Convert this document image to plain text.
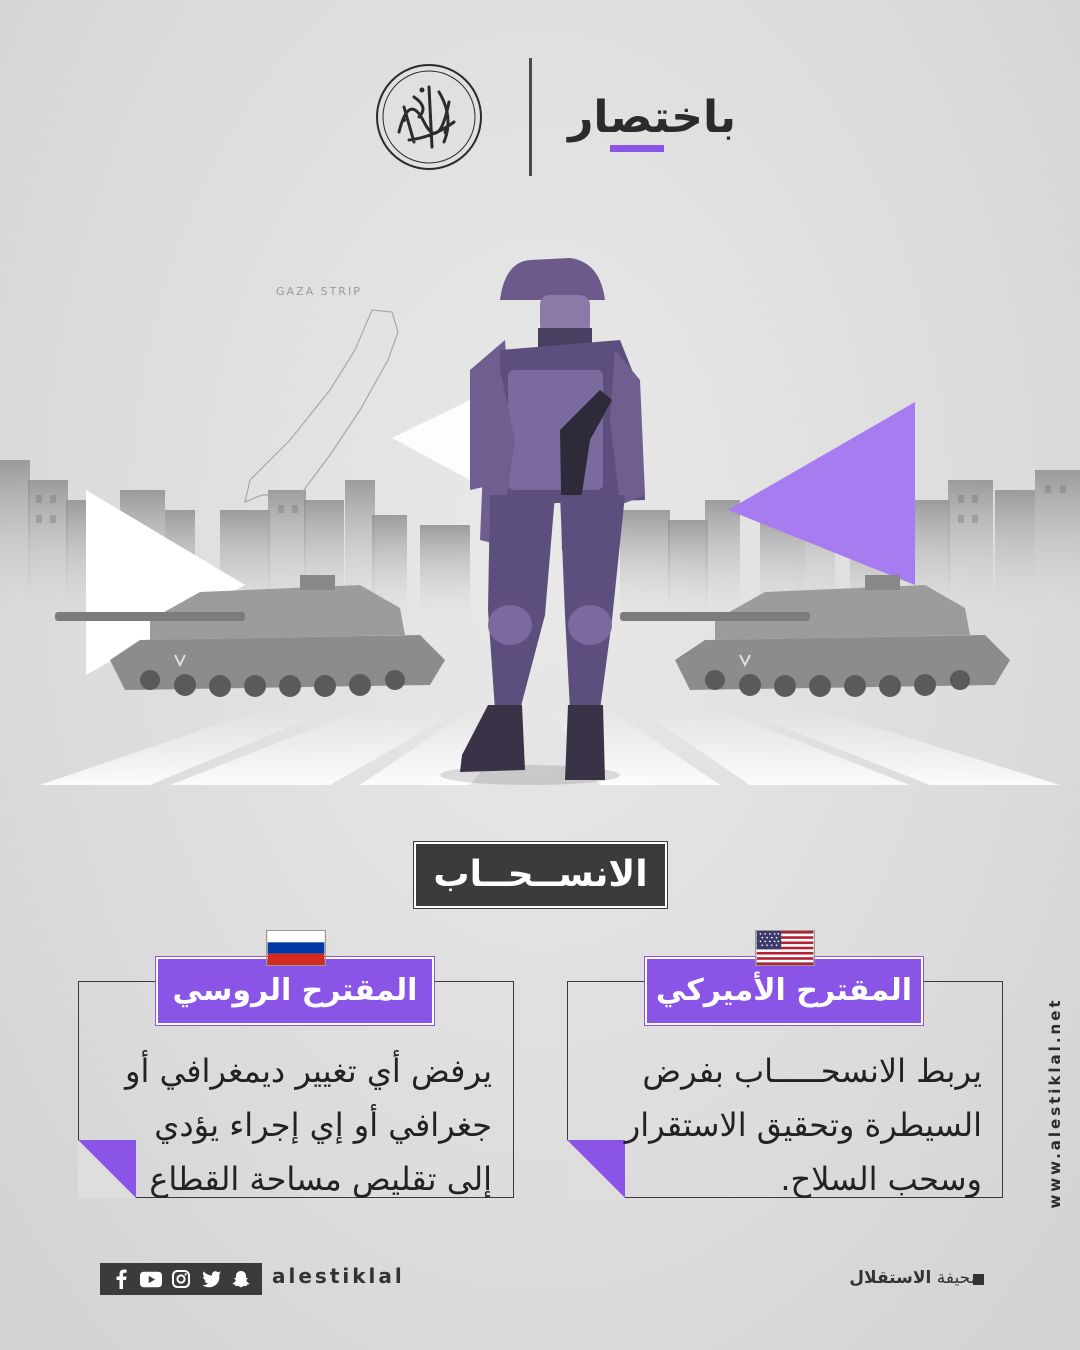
باختصار
GAZA STRIP
الانســحــاب
المقترح الأميركي
يربط الانسحـــــاب بفرض السيطرة وتحقيق الاستقرار وسحب السلاح.
المقترح الروسي
يرفض أي تغيير ديمغرافي أو جغرافي أو إي إجراء يؤدي إلى تقليص مساحة القطاع
alestiklal	صحيفة الاستقلال
www.alestiklal.net
